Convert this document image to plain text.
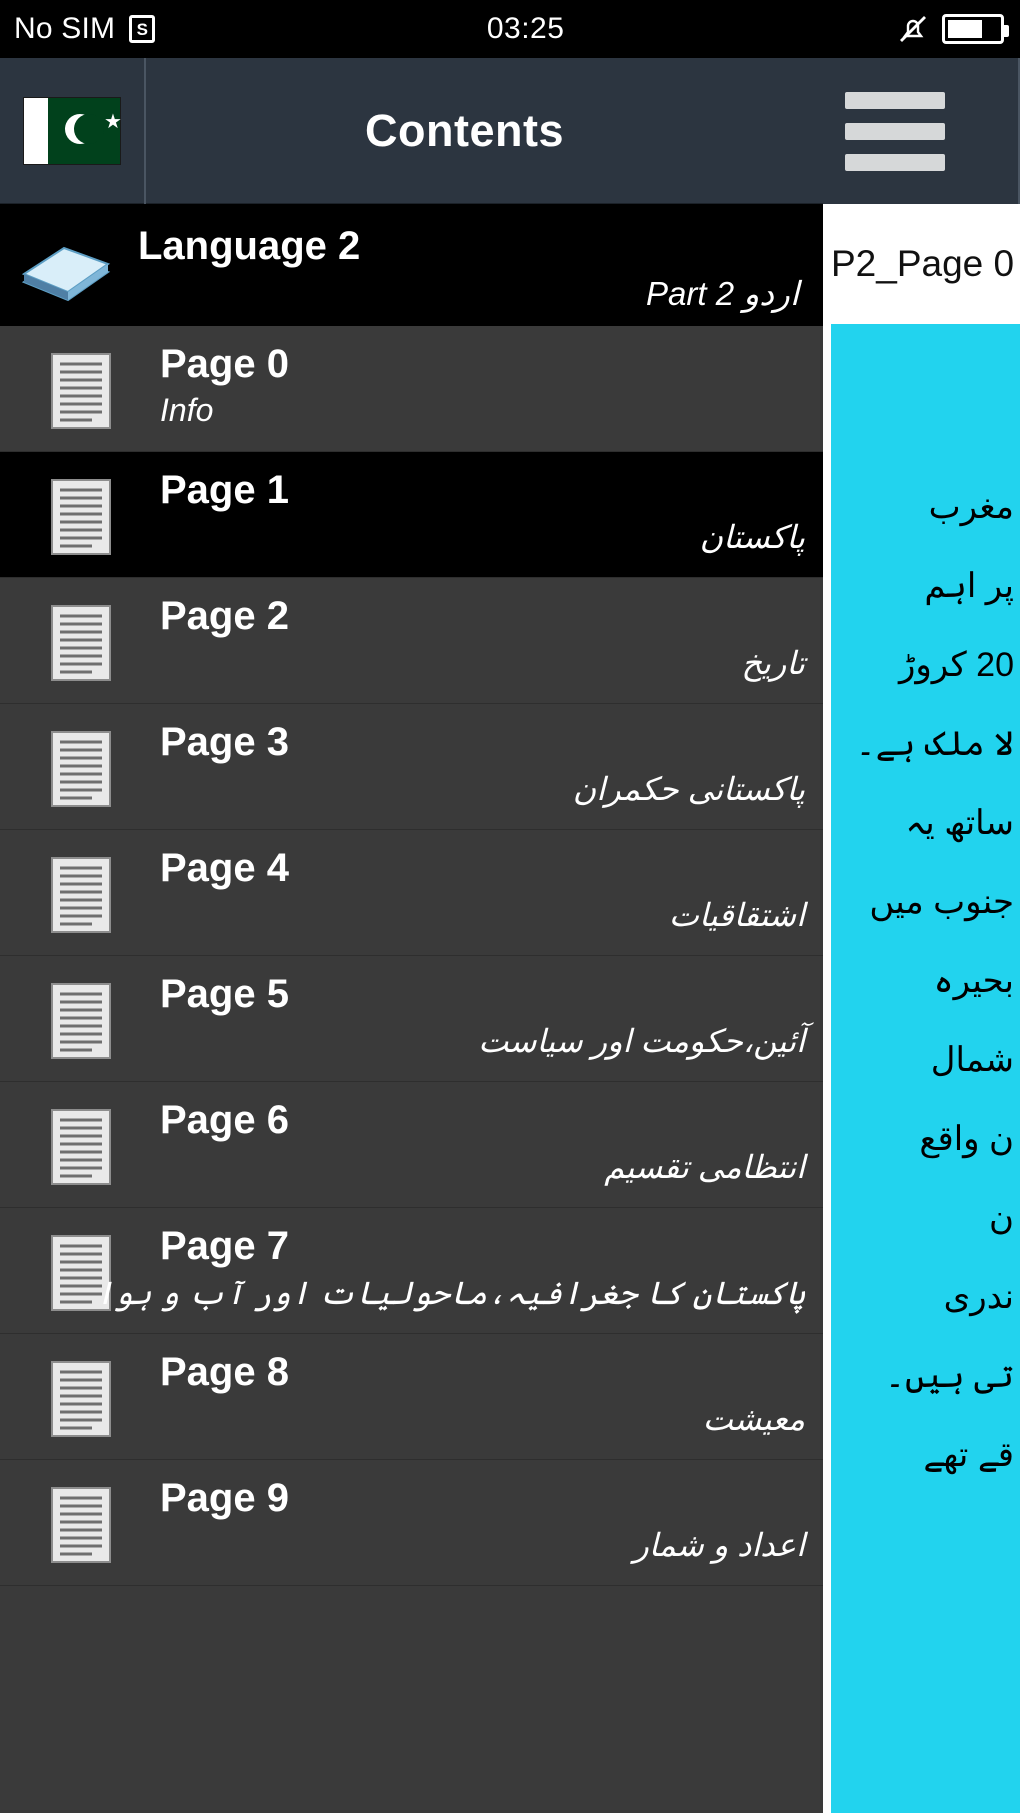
No SIM	S	03:25
★	Contents
Language 2
اردو Part 2
Page 0
Info
Page 1
پاکستان
Page 2
تاریخ
Page 3
پاکستانی حکمران
Page 4
اشتقاقیات
Page 5
آئین،حکومت اور سیاست
Page 6
انتظامی تقسیم
Page 7
پاکستان کا جغرافیہ،ماحولیات اور آب و ہوا
Page 8
معیشت
Page 9
اعداد و شمار
P2_Page 0
مغرب
پر اہم
20 کروڑ
لا ملک ہے۔
ساتھ یہ
جنوب میں
بحیرہ
شمال
ن واقع
ن
ندری
تی ہیں۔
قے تھے
